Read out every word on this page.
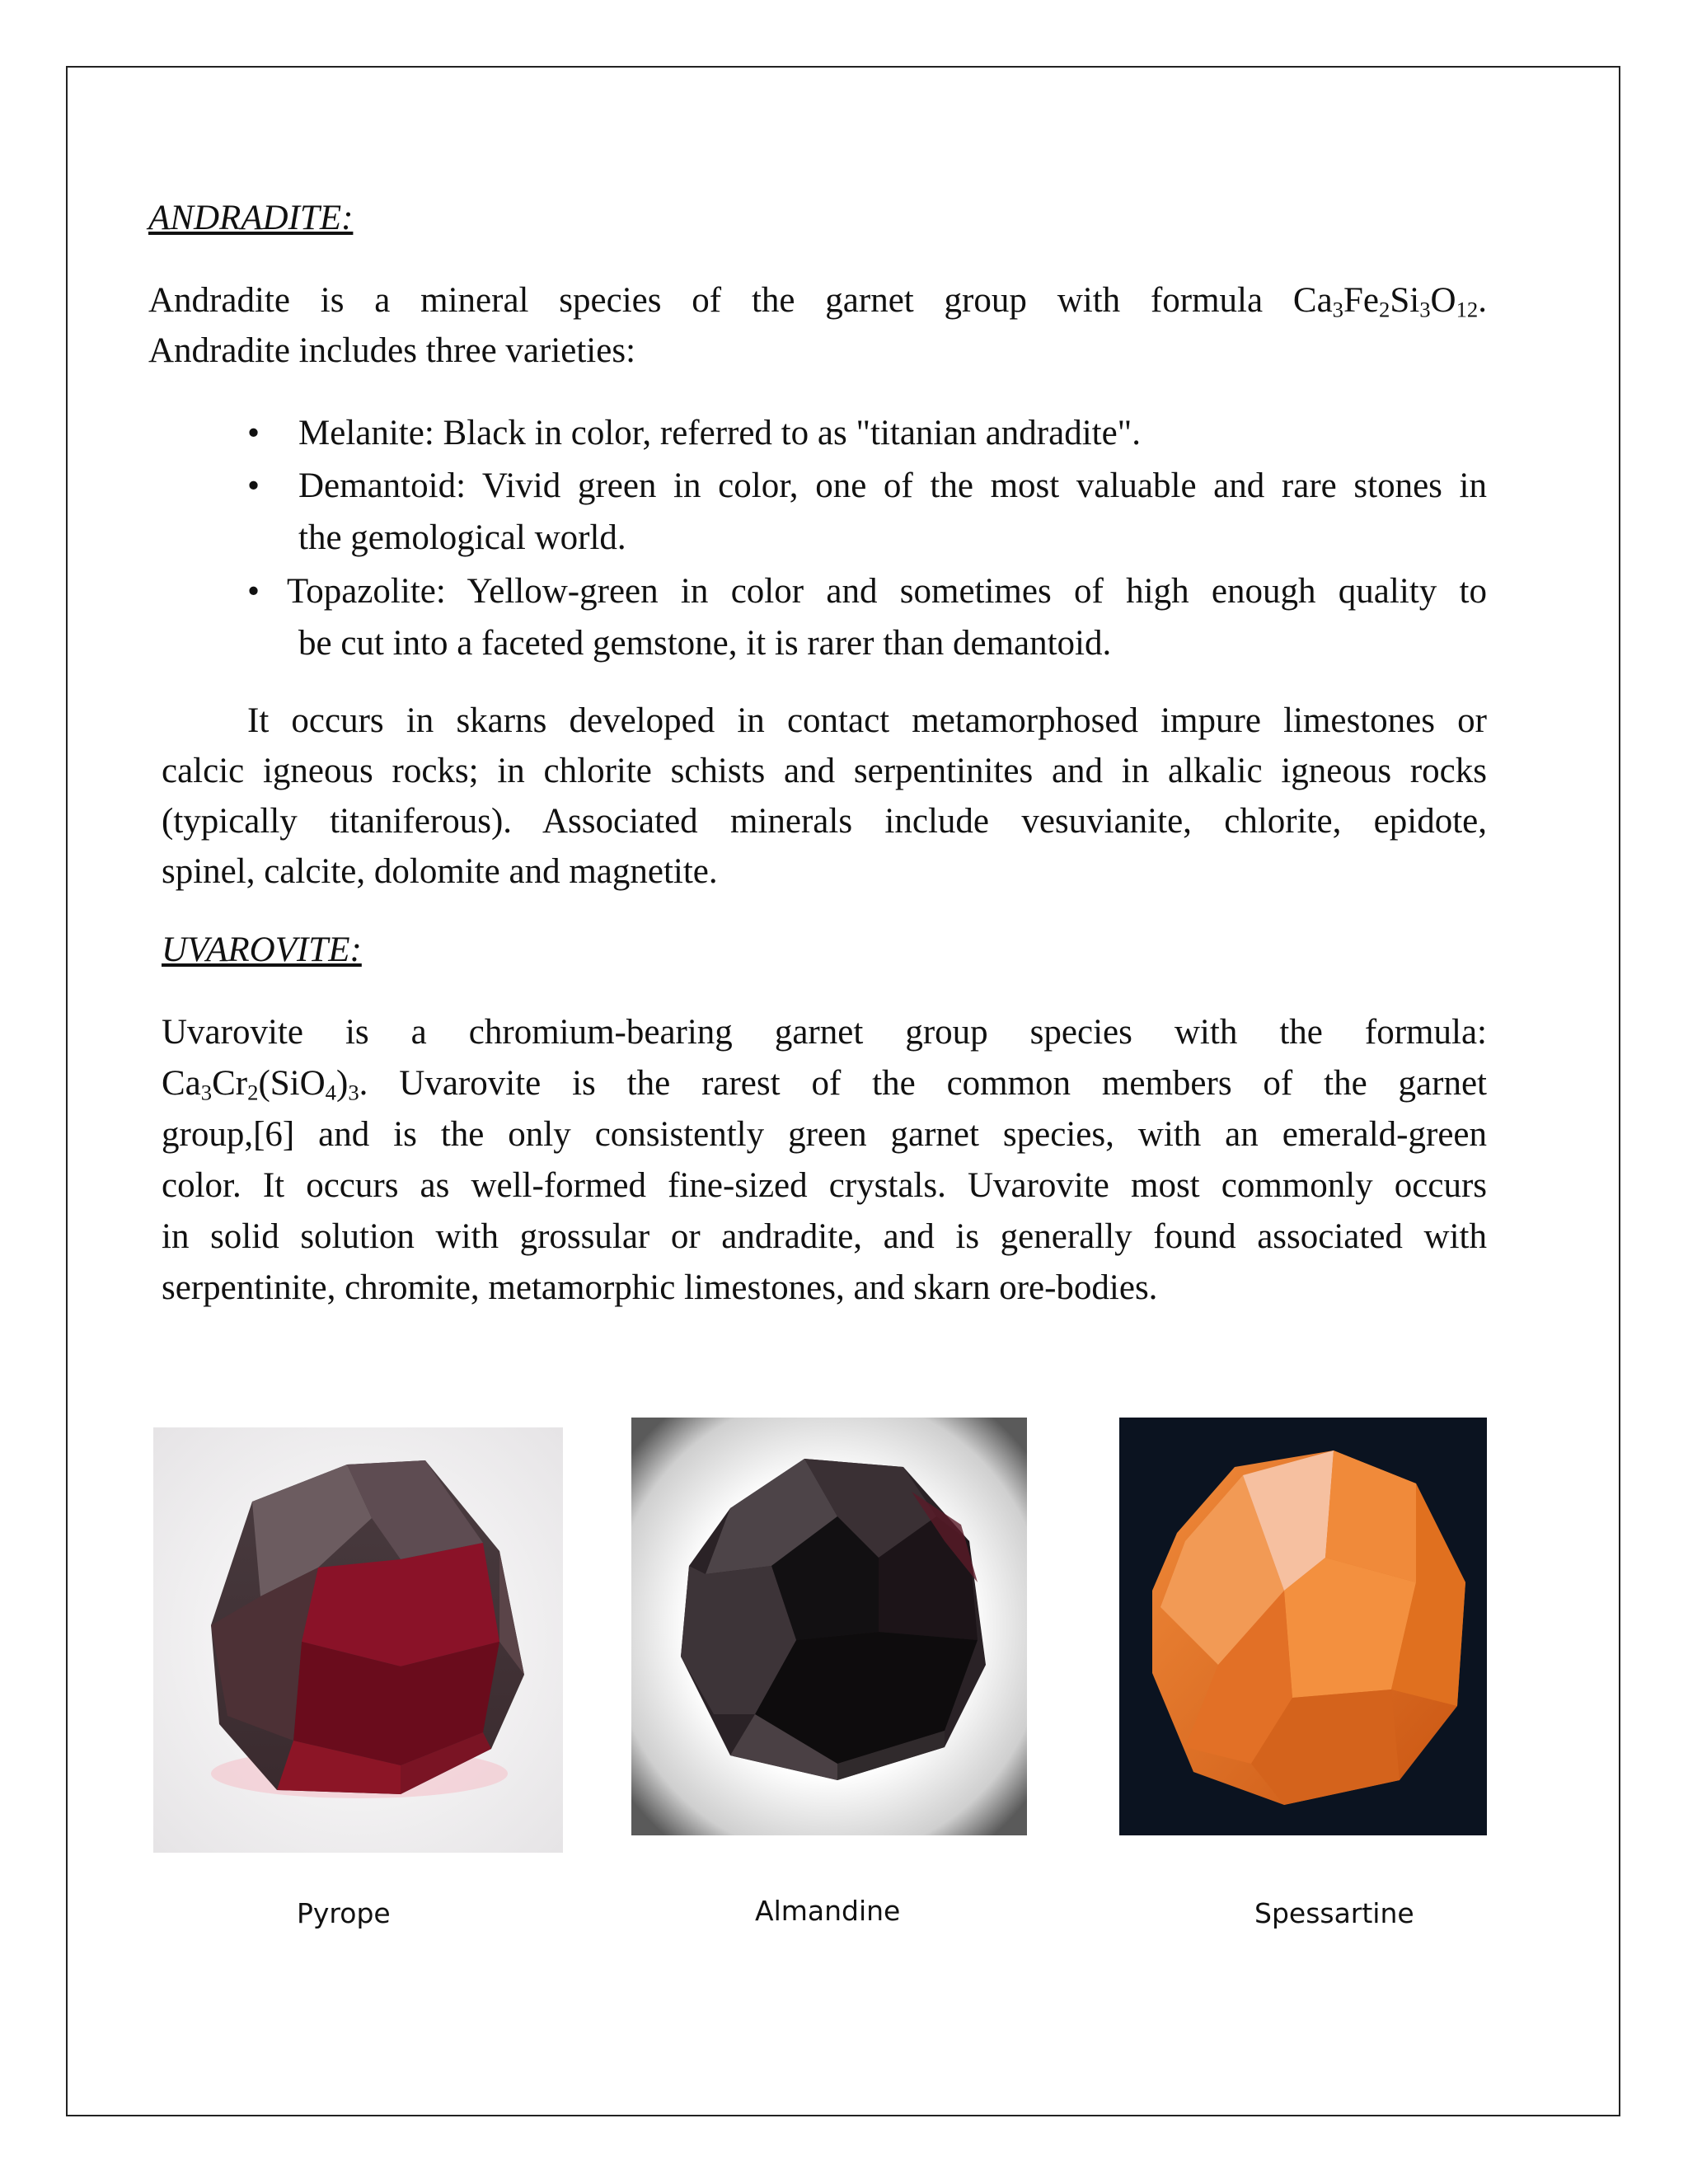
ANDRADITE:

Andradite is a mineral species of the garnet group with formula $Ca_3Fe_2Si_3O_{12}$.

Andradite includes three varieties:

• Melanite: Black in color, referred to as "titanian andradite".
• Demantoid: Vivid green in color, one of the most valuable and rare stones in
the gemological world.
• Topazolite: Yellow-green in color and sometimes of high enough quality to
be cut into a faceted gemstone, it is rarer than demantoid.

It occurs in skarns developed in contact metamorphosed impure limestones or

calcic igneous rocks; in chlorite schists and serpentinites and in alkalic igneous rocks

(typically titaniferous). Associated minerals include vesuvianite, chlorite, epidote,

spinel, calcite, dolomite and magnetite.

UVAROVITE:

Uvarovite is a chromium-bearing garnet group species with the formula:

$Ca_3Cr_2(SiO_4)_3$. Uvarovite is the rarest of the common members of the garnet

group,[6] and is the only consistently green garnet species, with an emerald-green

color. It occurs as well-formed fine-sized crystals. Uvarovite most commonly occurs

in solid solution with grossular or andradite, and is generally found associated with

serpentinite, chromite, metamorphic limestones, and skarn ore-bodies.

Pyrope	Almandine	Spessartine
